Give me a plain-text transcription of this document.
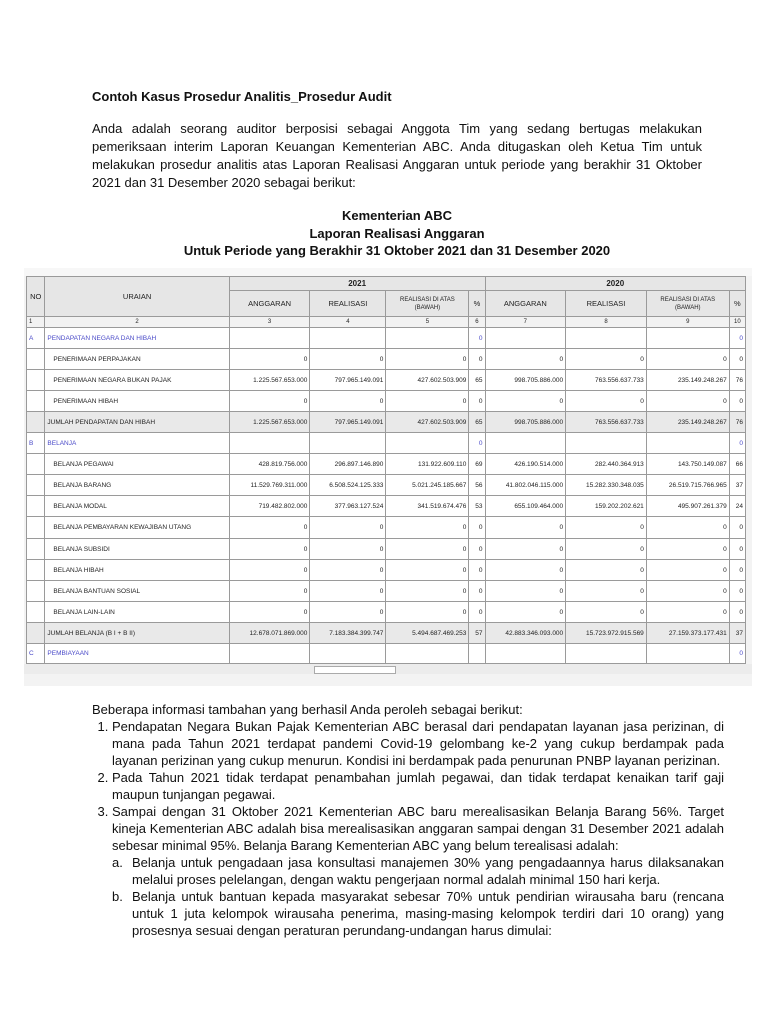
Contoh Kasus Prosedur Analitis_Prosedur Audit
Anda adalah seorang auditor berposisi sebagai Anggota Tim yang sedang bertugas melakukan pemeriksaan interim Laporan Keuangan Kementerian ABC. Anda ditugaskan oleh Ketua Tim untuk melakukan prosedur analitis atas Laporan Realisasi Anggaran untuk periode yang berakhir 31 Oktober 2021 dan 31 Desember 2020 sebagai berikut:
Kementerian ABC
Laporan Realisasi Anggaran
Untuk Periode yang Berakhir 31 Oktober 2021 dan 31 Desember 2020
NO	URAIAN	2021				2020			
		ANGGARAN	REALISASI	REALISASI DI ATAS (BAWAH)	%	ANGGARAN	REALISASI	REALISASI DI ATAS (BAWAH)	%
1	2	3	4	5	6	7	8	9	10
A	PENDAPATAN NEGARA DAN HIBAH				0				0
	PENERIMAAN PERPAJAKAN	0	0	0	0	0	0	0	0
	PENERIMAAN NEGARA BUKAN PAJAK	1.225.567.653.000	797.965.149.091	427.602.503.909	65	998.705.886.000	763.556.637.733	235.149.248.267	76
	PENERIMAAN HIBAH	0	0	0	0	0	0	0	0
	JUMLAH PENDAPATAN DAN HIBAH	1.225.567.653.000	797.965.149.091	427.602.503.909	65	998.705.886.000	763.556.637.733	235.149.248.267	76
B	BELANJA				0				0
	BELANJA PEGAWAI	428.819.756.000	296.897.146.890	131.922.609.110	69	426.190.514.000	282.440.364.913	143.750.149.087	66
	BELANJA BARANG	11.529.769.311.000	6.508.524.125.333	5.021.245.185.667	56	41.802.046.115.000	15.282.330.348.035	26.519.715.766.965	37
	BELANJA MODAL	719.482.802.000	377.963.127.524	341.519.674.476	53	655.109.464.000	159.202.202.621	495.907.261.379	24
	BELANJA PEMBAYARAN KEWAJIBAN UTANG	0	0	0	0	0	0	0	0
	BELANJA SUBSIDI	0	0	0	0	0	0	0	0
	BELANJA HIBAH	0	0	0	0	0	0	0	0
	BELANJA BANTUAN SOSIAL	0	0	0	0	0	0	0	0
	BELANJA LAIN-LAIN	0	0	0	0	0	0	0	0
	JUMLAH BELANJA (B I + B II)	12.678.071.869.000	7.183.384.399.747	5.494.687.469.253	57	42.883.346.093.000	15.723.972.915.569	27.159.373.177.431	37
C	PEMBIAYAAN								0
Beberapa informasi tambahan yang berhasil Anda peroleh sebagai berikut:
1. Pendapatan Negara Bukan Pajak Kementerian ABC berasal dari pendapatan layanan jasa perizinan, di mana pada Tahun 2021 terdapat pandemi Covid-19 gelombang ke-2 yang cukup berdampak pada layanan perizinan yang cukup menurun. Kondisi ini berdampak pada penurunan PNBP layanan perizinan.
2. Pada Tahun 2021 tidak terdapat penambahan jumlah pegawai, dan tidak terdapat kenaikan tarif gaji maupun tunjangan pegawai.
3. Sampai dengan 31 Oktober 2021 Kementerian ABC baru merealisasikan Belanja Barang 56%. Target kineja Kementerian ABC adalah bisa merealisasikan anggaran sampai dengan 31 Desember 2021 adalah sebesar minimal 95%. Belanja Barang Kementerian ABC yang belum terealisasi adalah:
a. Belanja untuk pengadaan jasa konsultasi manajemen 30% yang pengadaannya harus dilaksanakan melalui proses pelelangan, dengan waktu pengerjaan normal adalah minimal 150 hari kerja.
b. Belanja untuk bantuan kepada masyarakat sebesar 70% untuk pendirian wirausaha baru (rencana untuk 1 juta kelompok wirausaha penerima, masing-masing kelompok terdiri dari 10 orang) yang prosesnya sesuai dengan peraturan perundang-undangan harus dimulai:
